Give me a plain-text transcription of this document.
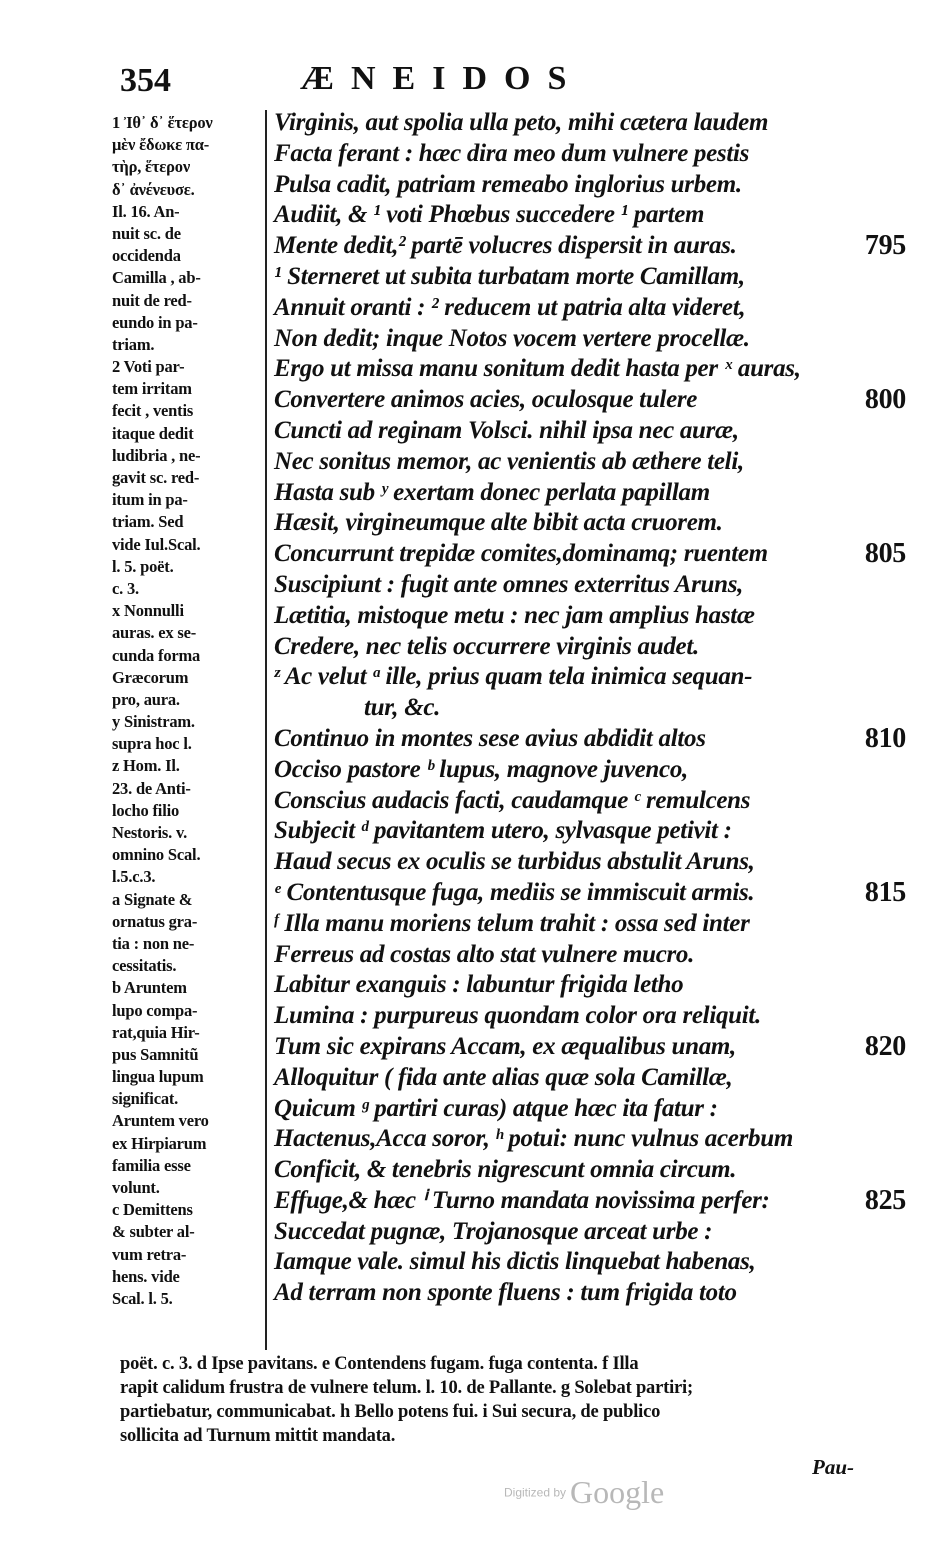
354	ÆNEIDOS
1 Ἰθ᾽ δ᾽ ἕτερον
μὲν ἔδωκε πα-
τὴρ, ἕτερον
δ᾽ ἀνένευσε.
Il. 16. An-
nuit sc. de
occidenda
Camilla , ab-
nuit de red-
eundo in pa-
triam.
2 Voti par-
tem irritam
fecit , ventis
itaque dedit
ludibria , ne-
gavit sc. red-
itum in pa-
triam. Sed
vide Iul.Scal.
l. 5. poët.
c. 3.
x Nonnulli
auras. ex se-
cunda forma
Græcorum
pro, aura.
y Sinistram.
supra hoc l.
z Hom. Il.
23. de Anti-
locho filio
Nestoris. v.
omnino Scal.
l.5.c.3.
a Signate &
ornatus gra-
tia : non ne-
cessitatis.
b Aruntem
lupo compa-
rat,quia Hir-
pus Samnitũ
lingua lupum
significat.
Aruntem vero
ex Hirpiarum
familia esse
volunt.
c Demittens
& subter al-
vum retra-
hens. vide
Scal. l. 5.
Virginis, aut spolia ulla peto, mihi cætera laudem
Facta ferant : hæc dira meo dum vulnere pestis
Pulsa cadit, patriam remeabo inglorius urbem.
Audiit, & ¹ voti Phœbus succedere ¹ partem
Mente dedit,² partē volucres dispersit in auras.	795
¹ Sterneret ut subita turbatam morte Camillam,
Annuit oranti : ² reducem ut patria alta videret,
Non dedit; inque Notos vocem vertere procellæ.
Ergo ut missa manu sonitum dedit hasta per ˣ auras,
Convertere animos acies, oculosque tulere	800
Cuncti ad reginam Volsci. nihil ipsa nec auræ,
Nec sonitus memor, ac venientis ab æthere teli,
Hasta sub ʸ exertam donec perlata papillam
Hæsit, virgineumque alte bibit acta cruorem.
Concurrunt trepidæ comites,dominamq; ruentem	805
Suscipiunt : fugit ante omnes exterritus Aruns,
Lætitia, mistoque metu : nec jam amplius hastæ
Credere, nec telis occurrere virginis audet.
ᶻ Ac velut ᵃ ille, prius quam tela inimica sequan-
tur, &c.
Continuo in montes sese avius abdidit altos	810
Occiso pastore ᵇ lupus, magnove juvenco,
Conscius audacis facti, caudamque ᶜ remulcens
Subjecit ᵈ pavitantem utero, sylvasque petivit :
Haud secus ex oculis se turbidus abstulit Aruns,
ᵉ Contentusque fuga, mediis se immiscuit armis.	815
ᶠ Illa manu moriens telum trahit : ossa sed inter
Ferreus ad costas alto stat vulnere mucro.
Labitur exanguis : labuntur frigida letho
Lumina : purpureus quondam color ora reliquit.
Tum sic expirans Accam, ex æqualibus unam,	820
Alloquitur ( fida ante alias quæ sola Camillæ,
Quicum ᵍ partiri curas) atque hæc ita fatur :
Hactenus,Acca soror, ʰ potui: nunc vulnus acerbum
Conficit, & tenebris nigrescunt omnia circum.
Effuge,& hæc ⁱ Turno mandata novissima perfer:	825
Succedat pugnæ, Trojanosque arceat urbe :
Iamque vale. simul his dictis linquebat habenas,
Ad terram non sponte fluens : tum frigida toto
poët. c. 3. d Ipse pavitans. e Contendens fugam. fuga contenta. f Illa
rapit calidum frustra de vulnere telum. l. 10. de Pallante. g Solebat partiri;
partiebatur, communicabat. h Bello potens fui. i Sui secura, de publico
sollicita ad Turnum mittit mandata.
Pau-
Digitized by Google
